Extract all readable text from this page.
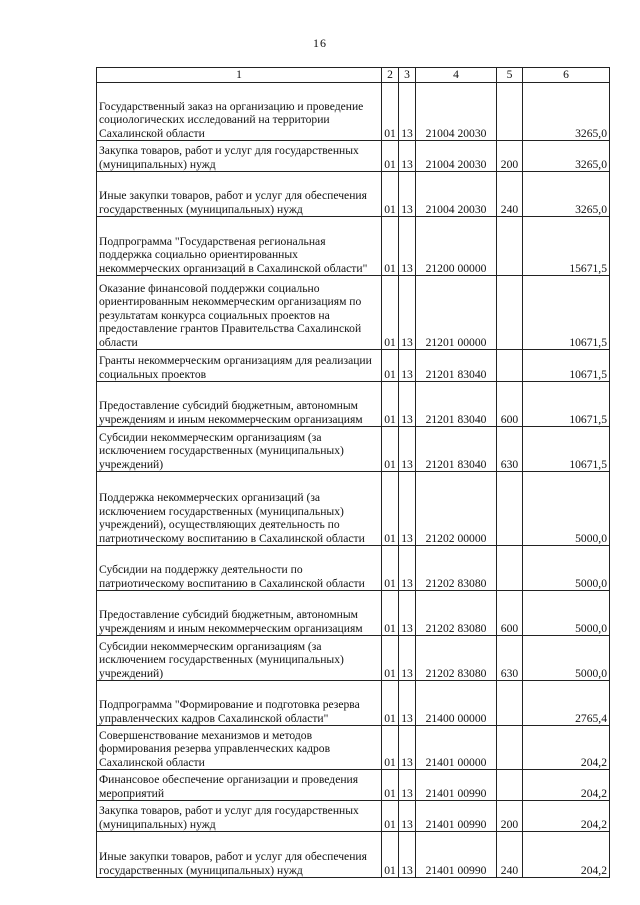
16
1	2	3	4	5	6
Государственный заказ на организацию и проведение социологических исследований на территории Сахалинской области	01	13	21004 20030		3265,0
Закупка товаров, работ и услуг для государственных (муниципальных) нужд	01	13	21004 20030	200	3265,0
Иные закупки товаров, работ и услуг для обеспечения государственных (муниципальных) нужд	01	13	21004 20030	240	3265,0
Подпрограмма "Государственая региональная поддержка социально ориентированных некоммерческих организаций в Сахалинской области"	01	13	21200 00000		15671,5
Оказание финансовой поддержки социально ориентированным некоммерческим организациям по результатам конкурса социальных проектов на предоставление грантов Правительства Сахалинской области	01	13	21201 00000		10671,5
Гранты некоммерческим организациям для реализации социальных проектов	01	13	21201 83040		10671,5
Предоставление субсидий бюджетным, автономным учреждениям и иным некоммерческим организациям	01	13	21201 83040	600	10671,5
Субсидии некоммерческим организациям (за исключением государственных (муниципальных) учреждений)	01	13	21201 83040	630	10671,5
Поддержка некоммерческих организаций (за исключением государственных (муниципальных) учреждений), осуществляющих деятельность по патриотическому воспитанию в Сахалинской области	01	13	21202 00000		5000,0
Субсидии на поддержку деятельности по патриотическому воспитанию в Сахалинской области	01	13	21202 83080		5000,0
Предоставление субсидий бюджетным, автономным учреждениям и иным некоммерческим организациям	01	13	21202 83080	600	5000,0
Субсидии некоммерческим организациям (за исключением государственных (муниципальных) учреждений)	01	13	21202 83080	630	5000,0
Подпрограмма "Формирование и подготовка резерва управленческих кадров Сахалинской области"	01	13	21400 00000		2765,4
Совершенствование механизмов и методов формирования резерва управленческих кадров Сахалинской области	01	13	21401 00000		204,2
Финансовое обеспечение организации и проведения мероприятий	01	13	21401 00990		204,2
Закупка товаров, работ и услуг для государственных (муниципальных) нужд	01	13	21401 00990	200	204,2
Иные закупки товаров, работ и услуг для обеспечения государственных (муниципальных) нужд	01	13	21401 00990	240	204,2
